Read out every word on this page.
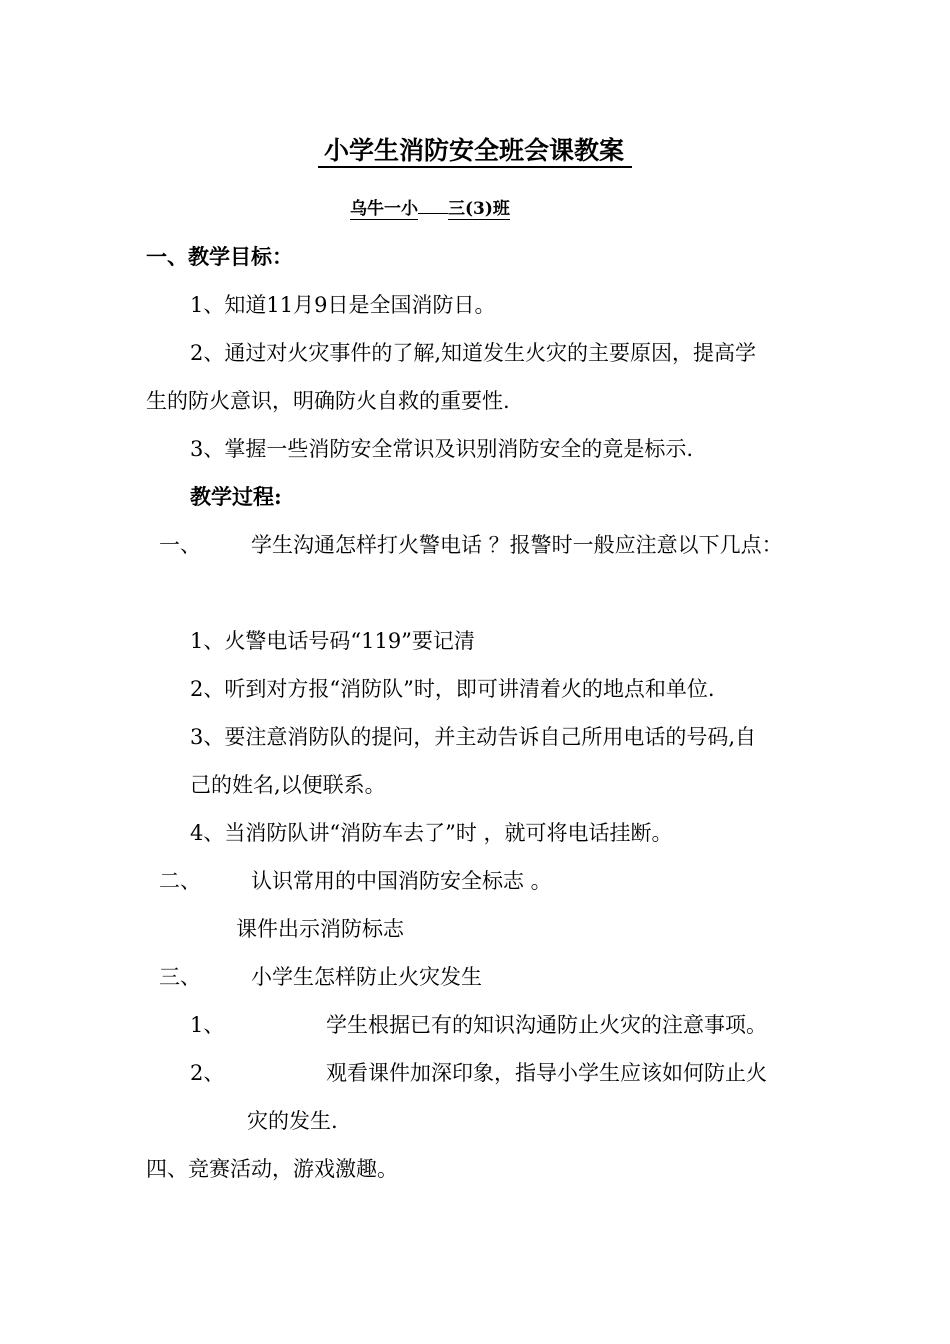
小学生消防安全班会课教案
乌牛一小 三(3)班
一、教学目标：
1、知道11月9日是全国消防日。
2、通过对火灾事件的了解,知道发生火灾的主要原因，提高学
生的防火意识，明确防火自救的重要性.
3、掌握一些消防安全常识及识别消防安全的竟是标示.
教学过程:
一、 学生沟通怎样打火警电话 ？报警时一般应注意以下几点：
1、火警电话号码“119”要记清
2、听到对方报“消防队”时，即可讲清着火的地点和单位.
3、要注意消防队的提问，并主动告诉自己所用电话的号码,自
己的姓名,以便联系。
4、当消防队讲“消防车去了”时 ，就可将电话挂断。
二、 认识常用的中国消防安全标志 。
课件出示消防标志
三、 小学生怎样防止火灾发生
1、	学生根据已有的知识沟通防止火灾的注意事项。
2、	观看课件加深印象，指导小学生应该如何防止火
灾的发生.
四、竞赛活动，游戏激趣。
